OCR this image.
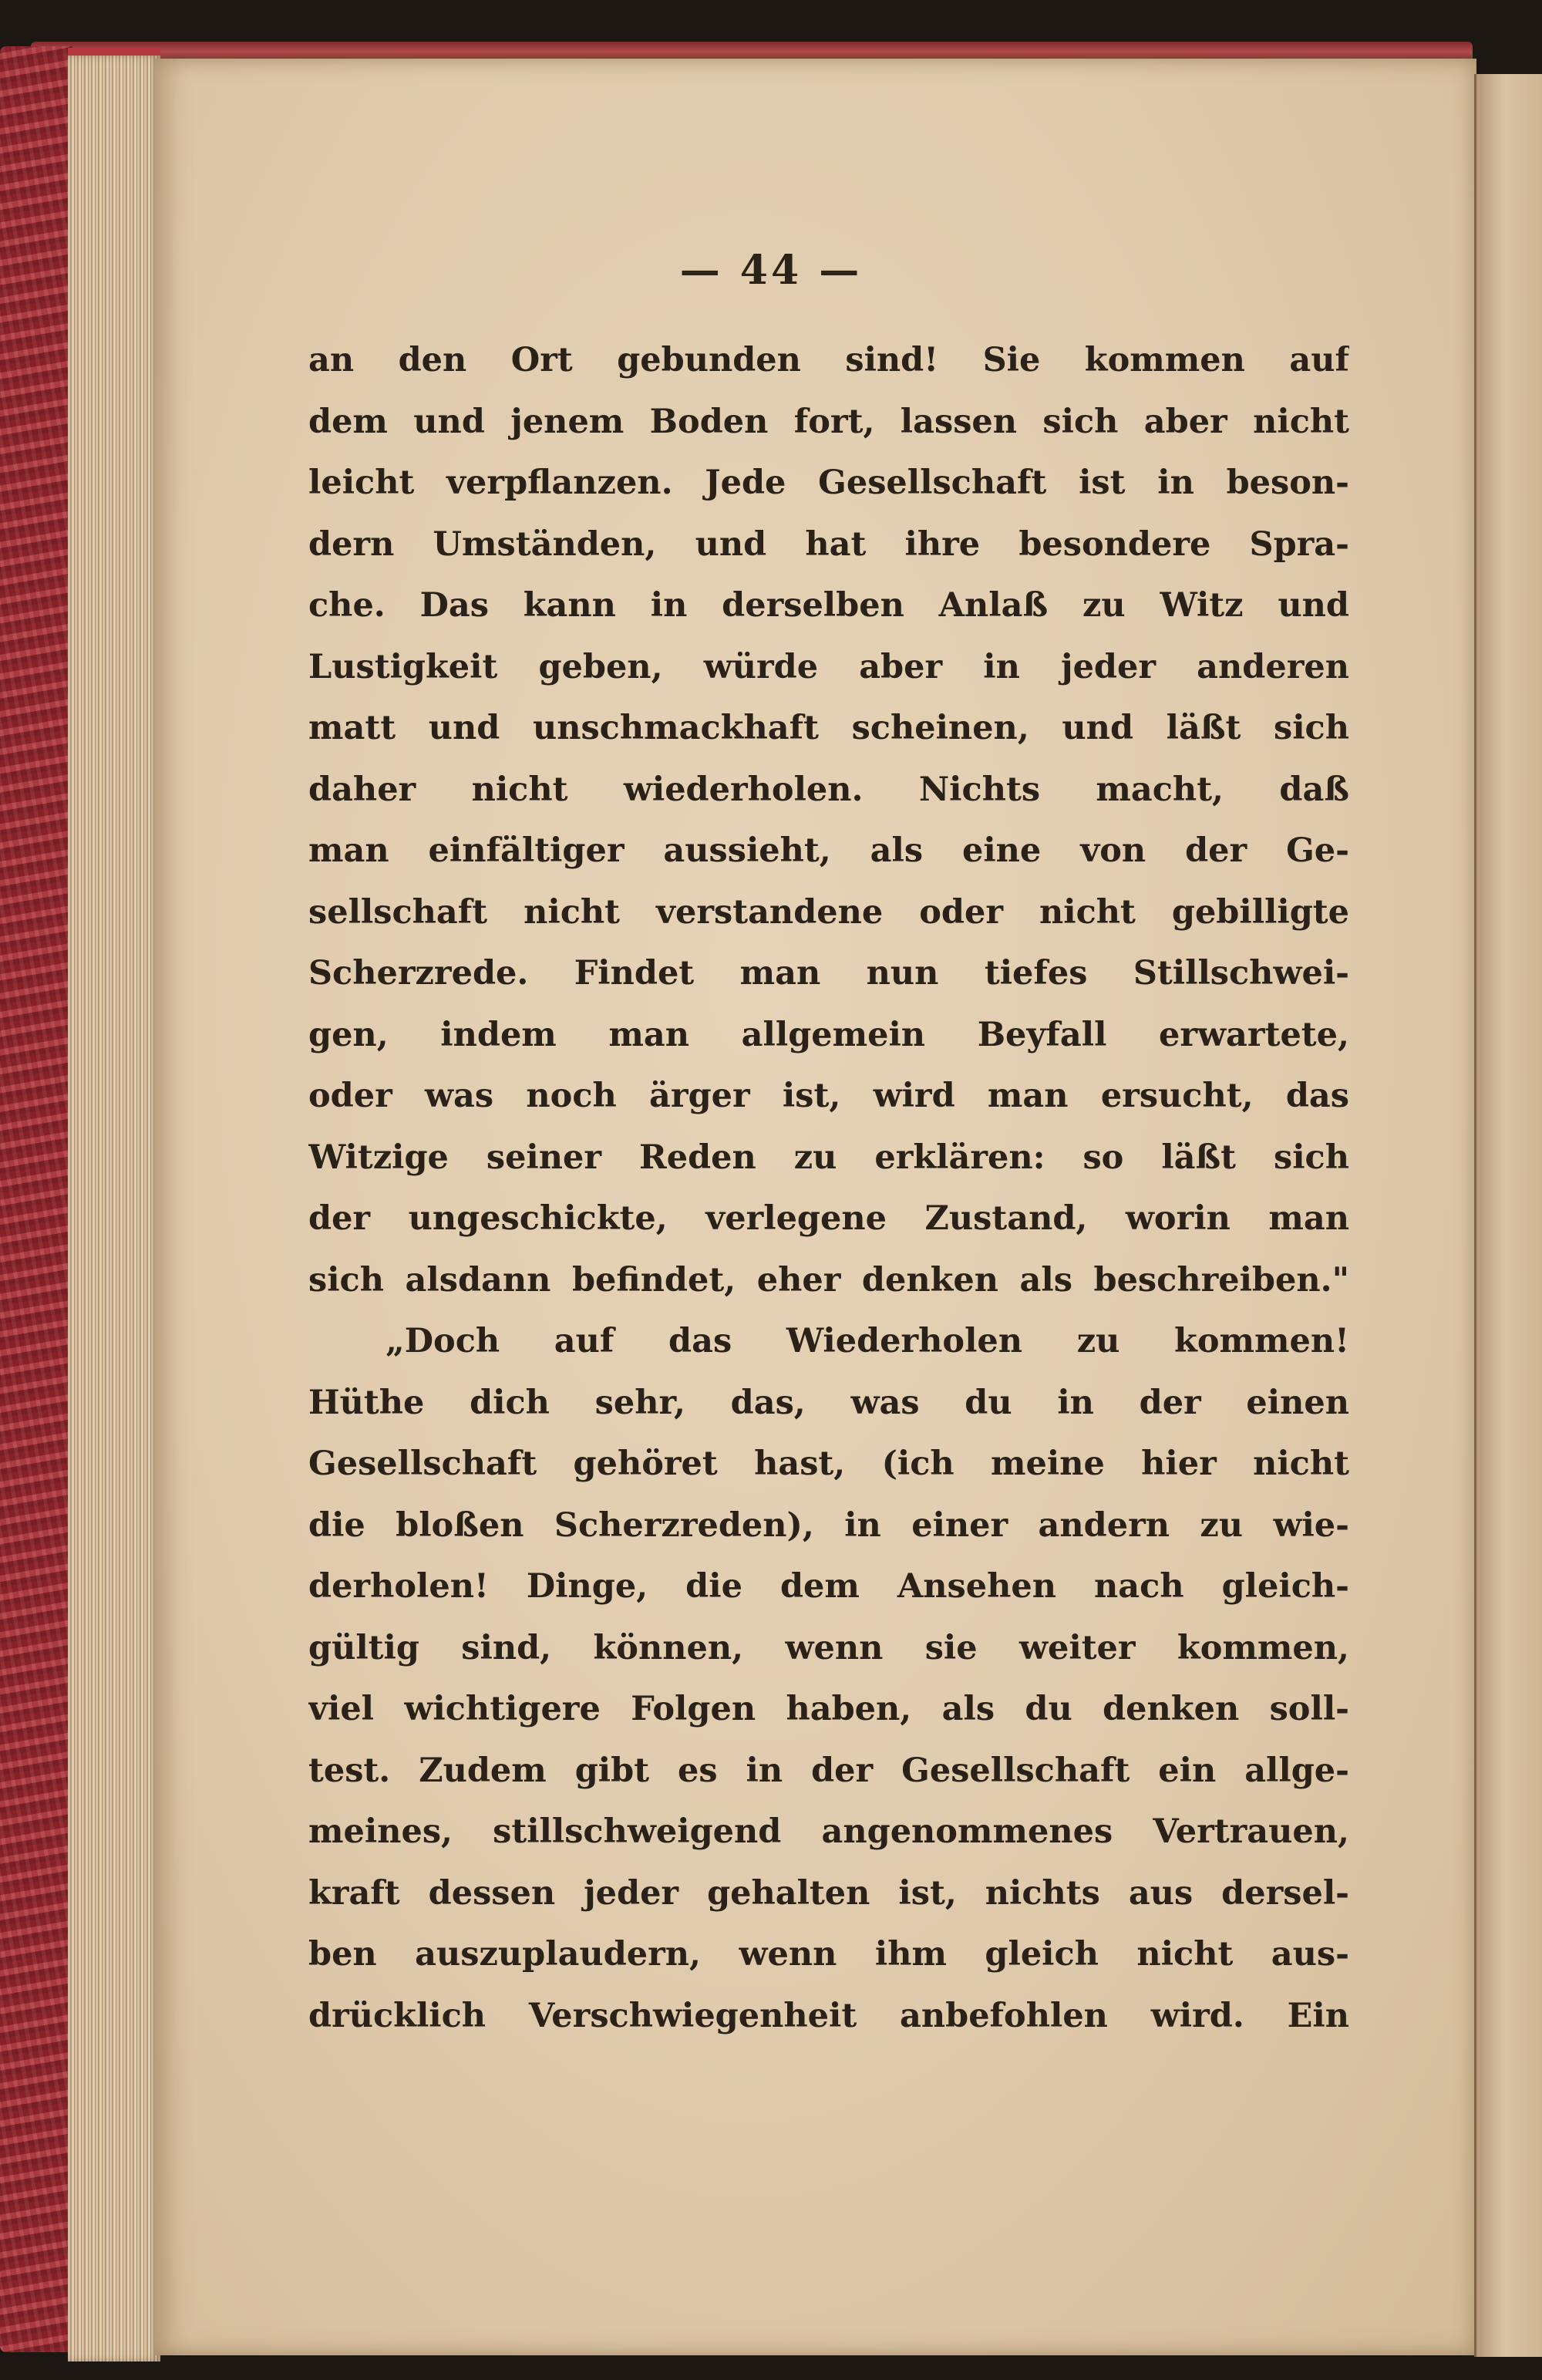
— 44 —
an den Ort gebunden sind! Sie kommen auf
dem und jenem Boden fort, lassen sich aber nicht
leicht verpflanzen. Jede Gesellschaft ist in beson-
dern Umständen, und hat ihre besondere Spra-
che. Das kann in derselben Anlaß zu Witz und
Lustigkeit geben, würde aber in jeder anderen
matt und unschmackhaft scheinen, und läßt sich
daher nicht wiederholen. Nichts macht, daß
man einfältiger aussieht, als eine von der Ge-
sellschaft nicht verstandene oder nicht gebilligte
Scherzrede. Findet man nun tiefes Stillschwei-
gen, indem man allgemein Beyfall erwartete,
oder was noch ärger ist, wird man ersucht, das
Witzige seiner Reden zu erklären: so läßt sich
der ungeschickte, verlegene Zustand, worin man
sich alsdann befindet, eher denken als beschreiben."
„Doch auf das Wiederholen zu kommen!
Hüthe dich sehr, das, was du in der einen
Gesellschaft gehöret hast, (ich meine hier nicht
die bloßen Scherzreden), in einer andern zu wie-
derholen! Dinge, die dem Ansehen nach gleich-
gültig sind, können, wenn sie weiter kommen,
viel wichtigere Folgen haben, als du denken soll-
test. Zudem gibt es in der Gesellschaft ein allge-
meines, stillschweigend angenommenes Vertrauen,
kraft dessen jeder gehalten ist, nichts aus dersel-
ben auszuplaudern, wenn ihm gleich nicht aus-
drücklich Verschwiegenheit anbefohlen wird. Ein
